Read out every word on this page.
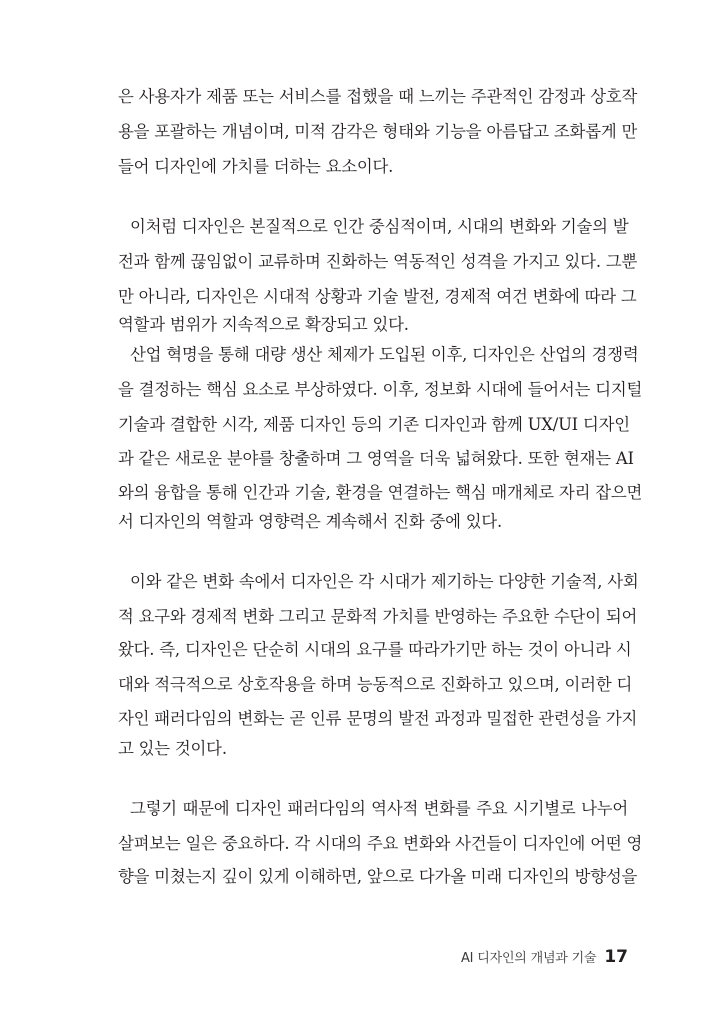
은 사용자가 제품 또는 서비스를 접했을 때 느끼는 주관적인 감정과 상호작
용을 포괄하는 개념이며, 미적 감각은 형태와 기능을 아름답고 조화롭게 만
들어 디자인에 가치를 더하는 요소이다.
이처럼 디자인은 본질적으로 인간 중심적이며, 시대의 변화와 기술의 발
전과 함께 끊임없이 교류하며 진화하는 역동적인 성격을 가지고 있다. 그뿐
만 아니라, 디자인은 시대적 상황과 기술 발전, 경제적 여건 변화에 따라 그
역할과 범위가 지속적으로 확장되고 있다.
산업 혁명을 통해 대량 생산 체제가 도입된 이후, 디자인은 산업의 경쟁력
을 결정하는 핵심 요소로 부상하였다. 이후, 정보화 시대에 들어서는 디지털
기술과 결합한 시각, 제품 디자인 등의 기존 디자인과 함께 UX/UI 디자인
과 같은 새로운 분야를 창출하며 그 영역을 더욱 넓혀왔다. 또한 현재는 AI
와의 융합을 통해 인간과 기술, 환경을 연결하는 핵심 매개체로 자리 잡으면
서 디자인의 역할과 영향력은 계속해서 진화 중에 있다.
이와 같은 변화 속에서 디자인은 각 시대가 제기하는 다양한 기술적, 사회
적 요구와 경제적 변화 그리고 문화적 가치를 반영하는 주요한 수단이 되어
왔다. 즉, 디자인은 단순히 시대의 요구를 따라가기만 하는 것이 아니라 시
대와 적극적으로 상호작용을 하며 능동적으로 진화하고 있으며, 이러한 디
자인 패러다임의 변화는 곧 인류 문명의 발전 과정과 밀접한 관련성을 가지
고 있는 것이다.
그렇기 때문에 디자인 패러다임의 역사적 변화를 주요 시기별로 나누어
살펴보는 일은 중요하다. 각 시대의 주요 변화와 사건들이 디자인에 어떤 영
향을 미쳤는지 깊이 있게 이해하면, 앞으로 다가올 미래 디자인의 방향성을
AI 디자인의 개념과 기술 17
